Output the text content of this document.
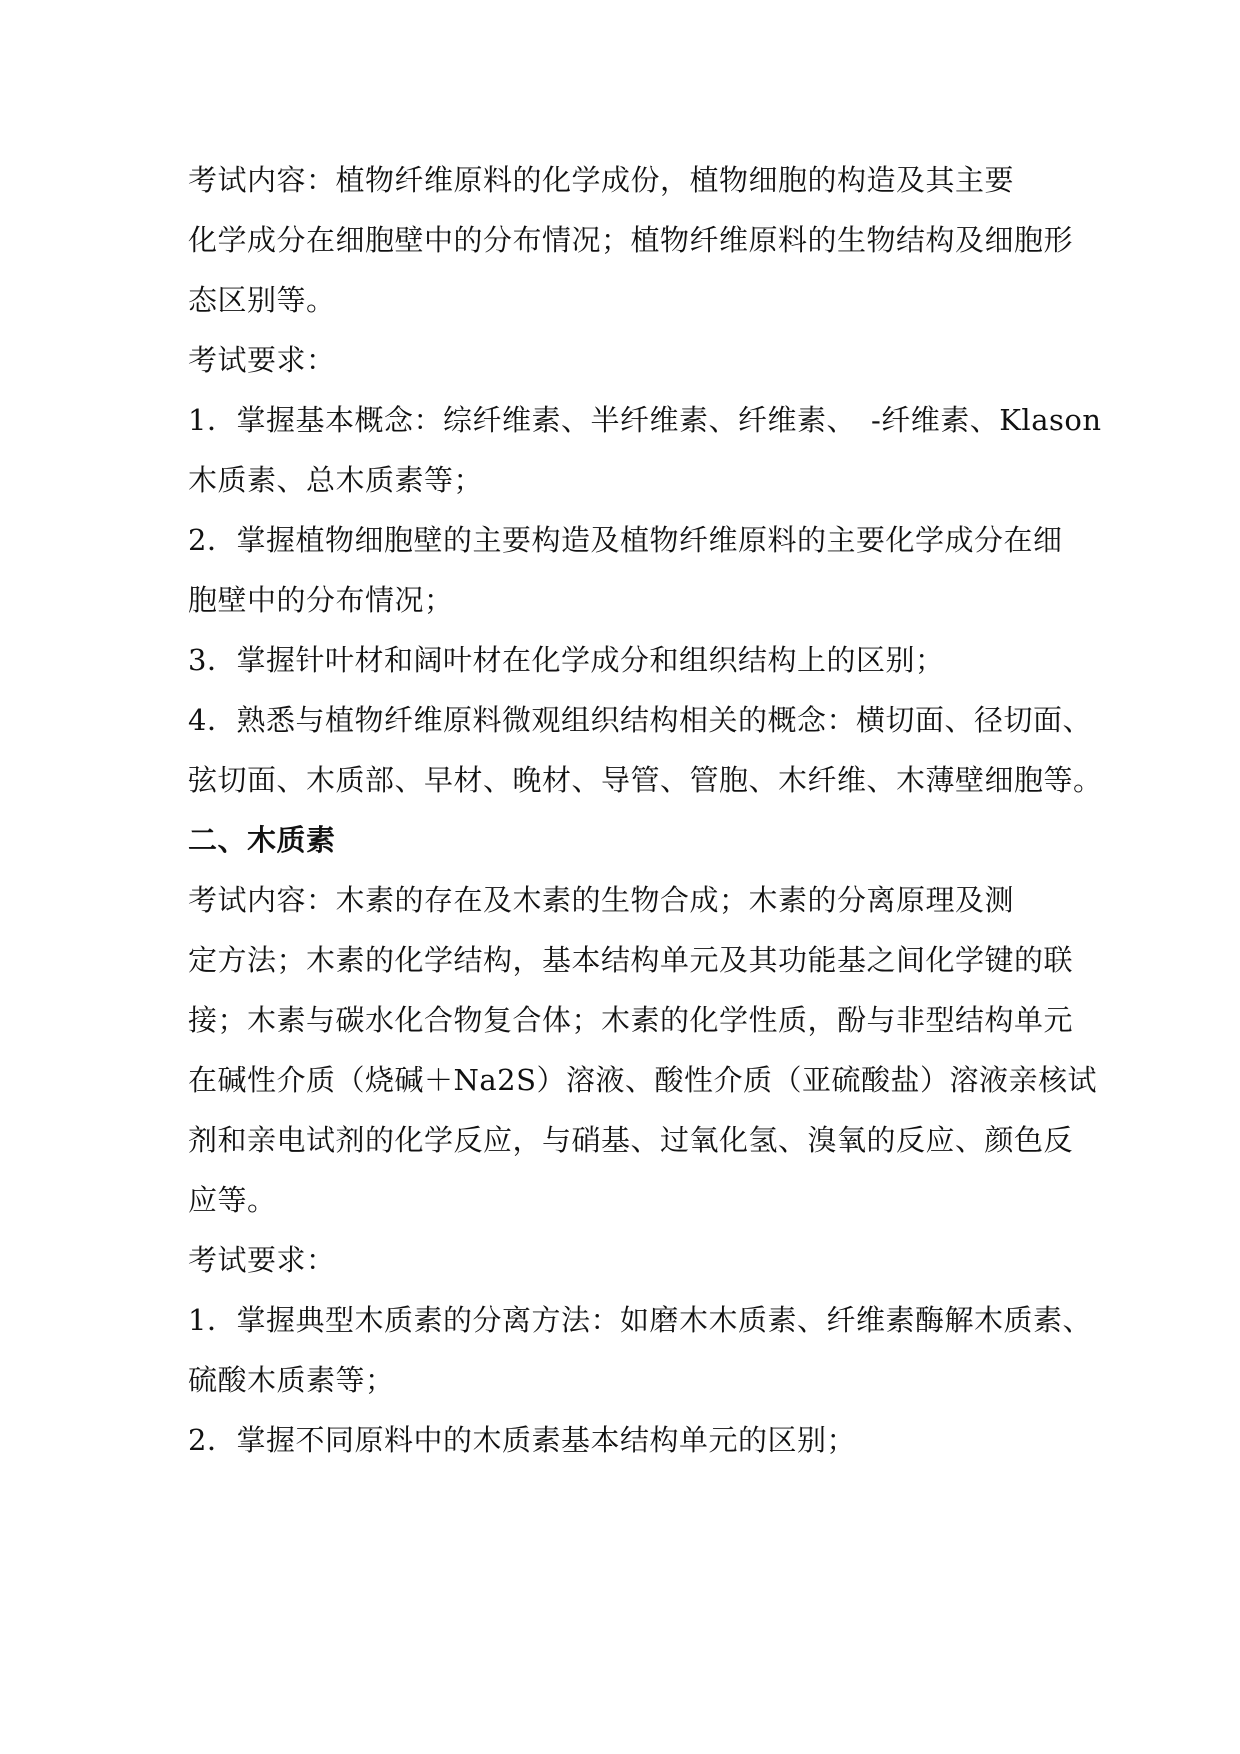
考试内容：植物纤维原料的化学成份，植物细胞的构造及其主要
化学成分在细胞壁中的分布情况；植物纤维原料的生物结构及细胞形
态区别等。
考试要求：
1．掌握基本概念：综纤维素、半纤维素、纤维素、　-纤维素、Klason
木质素、总木质素等；
2．掌握植物细胞壁的主要构造及植物纤维原料的主要化学成分在细
胞壁中的分布情况；
3．掌握针叶材和阔叶材在化学成分和组织结构上的区别；
4．熟悉与植物纤维原料微观组织结构相关的概念：横切面、径切面、
弦切面、木质部、早材、晚材、导管、管胞、木纤维、木薄壁细胞等。
二、木质素
考试内容：木素的存在及木素的生物合成；木素的分离原理及测
定方法；木素的化学结构，基本结构单元及其功能基之间化学键的联
接；木素与碳水化合物复合体；木素的化学性质，酚与非型结构单元
在碱性介质（烧碱＋Na2S）溶液、酸性介质（亚硫酸盐）溶液亲核试
剂和亲电试剂的化学反应，与硝基、过氧化氢、溴氧的反应、颜色反
应等。
考试要求：
1．掌握典型木质素的分离方法：如磨木木质素、纤维素酶解木质素、
硫酸木质素等；
2．掌握不同原料中的木质素基本结构单元的区别；
